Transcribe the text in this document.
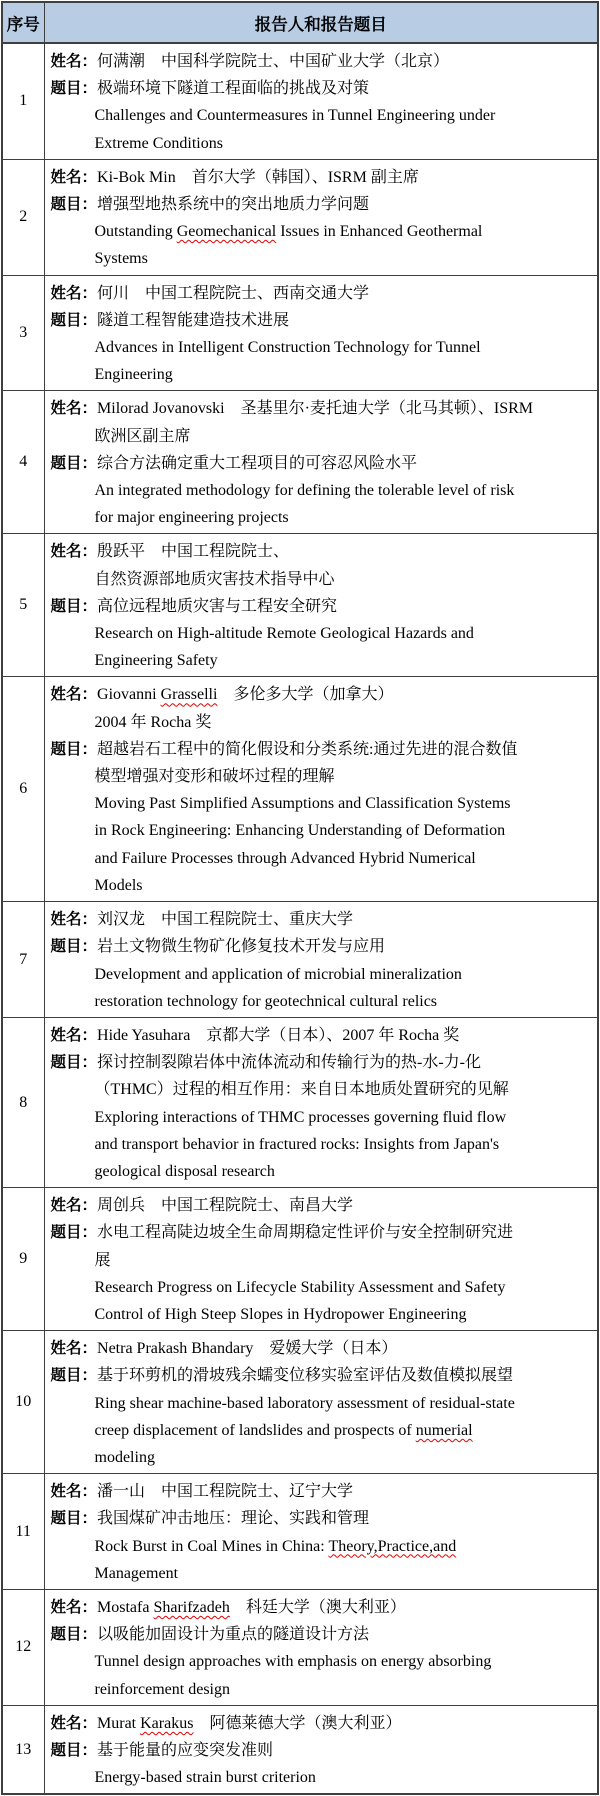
序号	报告人和报告题目
1	
姓名： 何满潮　中国科学院院士、中国矿业大学（北京）
题目： 极端环境下隧道工程面临的挑战及对策
Challenges and Countermeasures in Tunnel Engineering under
Extreme Conditions

2	
姓名： Ki-Bok Min　首尔大学（韩国）、ISRM 副主席
题目： 增强型地热系统中的突出地质力学问题
Outstanding Geomechanical Issues in Enhanced Geothermal
Systems

3	
姓名： 何川　中国工程院院士、西南交通大学
题目： 隧道工程智能建造技术进展
Advances in Intelligent Construction Technology for Tunnel
Engineering

4	
姓名： Milorad Jovanovski　圣基里尔·麦托迪大学（北马其顿）、ISRM
欧洲区副主席
题目： 综合方法确定重大工程项目的可容忍风险水平
An integrated methodology for defining the tolerable level of risk
for major engineering projects

5	
姓名： 殷跃平　中国工程院院士、
自然资源部地质灾害技术指导中心
题目： 高位远程地质灾害与工程安全研究
Research on High-altitude Remote Geological Hazards and
Engineering Safety

6	
姓名： Giovanni Grasselli　多伦多大学（加拿大）
2004 年 Rocha 奖
题目： 超越岩石工程中的简化假设和分类系统:通过先进的混合数值
模型增强对变形和破坏过程的理解
Moving Past Simplified Assumptions and Classification Systems
in Rock Engineering: Enhancing Understanding of Deformation
and Failure Processes through Advanced Hybrid Numerical
Models

7	
姓名： 刘汉龙　中国工程院院士、重庆大学
题目： 岩土文物微生物矿化修复技术开发与应用
Development and application of microbial mineralization
restoration technology for geotechnical cultural relics

8	
姓名： Hide Yasuhara　京都大学（日本）、2007 年 Rocha 奖
题目： 探讨控制裂隙岩体中流体流动和传输行为的热-水-力-化
（THMC）过程的相互作用：来自日本地质处置研究的见解
Exploring interactions of THMC processes governing fluid flow
and transport behavior in fractured rocks: Insights from Japan's
geological disposal research

9	
姓名： 周创兵　中国工程院院士、南昌大学
题目： 水电工程高陡边坡全生命周期稳定性评价与安全控制研究进
展
Research Progress on Lifecycle Stability Assessment and Safety
Control of High Steep Slopes in Hydropower Engineering

10	
姓名： Netra Prakash Bhandary　爱媛大学（日本）
题目： 基于环剪机的滑坡残余蠕变位移实验室评估及数值模拟展望
Ring shear machine-based laboratory assessment of residual-state
creep displacement of landslides and prospects of numerial
modeling

11	
姓名： 潘一山　中国工程院院士、辽宁大学
题目： 我国煤矿冲击地压：理论、实践和管理
Rock Burst in Coal Mines in China: Theory,Practice,and
Management

12	
姓名： Mostafa Sharifzadeh　科廷大学（澳大利亚）
题目： 以吸能加固设计为重点的隧道设计方法
Tunnel design approaches with emphasis on energy absorbing
reinforcement design

13	姓名： Murat Karakus　阿德莱德大学（澳大利亚）
题目： 基于能量的应变突发准则
Energy-based strain burst criterion
